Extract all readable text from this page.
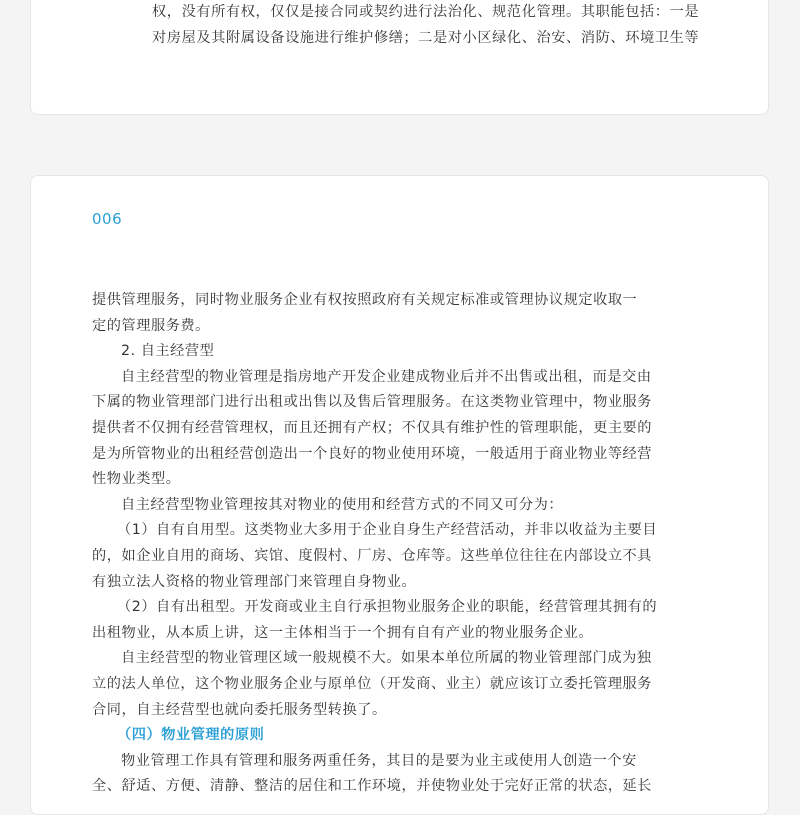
权，没有所有权，仅仅是接合同或契约进行法治化、规范化管理。其职能包括：一是
对房屋及其附属设备设施进行维护修缮；二是对小区绿化、治安、消防、环境卫生等
006
提供管理服务，同时物业服务企业有权按照政府有关规定标准或管理协议规定收取一
定的管理服务费。
2. 自主经营型
自主经营型的物业管理是指房地产开发企业建成物业后并不出售或出租，而是交由
下属的物业管理部门进行出租或出售以及售后管理服务。在这类物业管理中，物业服务
提供者不仅拥有经营管理权，而且还拥有产权；不仅具有维护性的管理职能，更主要的
是为所管物业的出租经营创造出一个良好的物业使用环境，一般适用于商业物业等经营
性物业类型。
自主经营型物业管理按其对物业的使用和经营方式的不同又可分为：
（1）自有自用型。这类物业大多用于企业自身生产经营活动，并非以收益为主要目
的，如企业自用的商场、宾馆、度假村、厂房、仓库等。这些单位往往在内部设立不具
有独立法人资格的物业管理部门来管理自身物业。
（2）自有出租型。开发商或业主自行承担物业服务企业的职能，经营管理其拥有的
出租物业，从本质上讲，这一主体相当于一个拥有自有产业的物业服务企业。
自主经营型的物业管理区域一般规模不大。如果本单位所属的物业管理部门成为独
立的法人单位，这个物业服务企业与原单位（开发商、业主）就应该订立委托管理服务
合同，自主经营型也就向委托服务型转换了。
（四）物业管理的原则
物业管理工作具有管理和服务两重任务，其目的是要为业主或使用人创造一个安
全、舒适、方便、清静、整洁的居住和工作环境，并使物业处于完好正常的状态，延长
